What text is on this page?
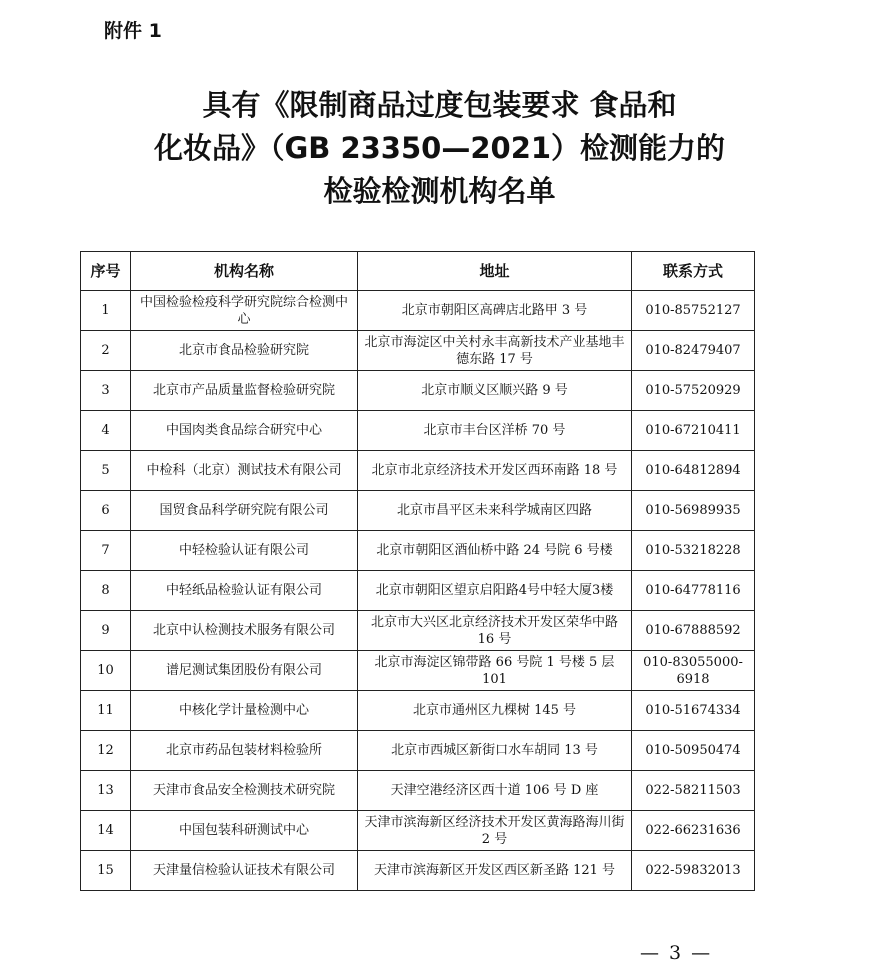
附件 1
具有《限制商品过度包装要求 食品和
化妆品》（GB 23350—2021）检测能力的
检验检测机构名单
序号	机构名称	地址	联系方式
1	中国检验检疫科学研究院综合检测中心	北京市朝阳区高碑店北路甲 3 号	010-85752127
2	北京市食品检验研究院	北京市海淀区中关村永丰高新技术产业基地丰德东路 17 号	010-82479407
3	北京市产品质量监督检验研究院	北京市顺义区顺兴路 9 号	010-57520929
4	中国肉类食品综合研究中心	北京市丰台区洋桥 70 号	010-67210411
5	中检科（北京）测试技术有限公司	北京市北京经济技术开发区西环南路 18 号	010-64812894
6	国贸食品科学研究院有限公司	北京市昌平区未来科学城南区四路	010-56989935
7	中轻检验认证有限公司	北京市朝阳区酒仙桥中路 24 号院 6 号楼	010-53218228
8	中轻纸品检验认证有限公司	北京市朝阳区望京启阳路4号中轻大厦3楼	010-64778116
9	北京中认检测技术服务有限公司	北京市大兴区北京经济技术开发区荣华中路 16 号	010-67888592
10	谱尼测试集团股份有限公司	北京市海淀区锦带路 66 号院 1 号楼 5 层 101	010-83055000-6918
11	中核化学计量检测中心	北京市通州区九棵树 145 号	010-51674334
12	北京市药品包装材料检验所	北京市西城区新街口水车胡同 13 号	010-50950474
13	天津市食品安全检测技术研究院	天津空港经济区西十道 106 号 D 座	022-58211503
14	中国包装科研测试中心	天津市滨海新区经济技术开发区黄海路海川街 2 号	022-66231636
15	天津量信检验认证技术有限公司	天津市滨海新区开发区西区新圣路 121 号	022-59832013
— 3 —
